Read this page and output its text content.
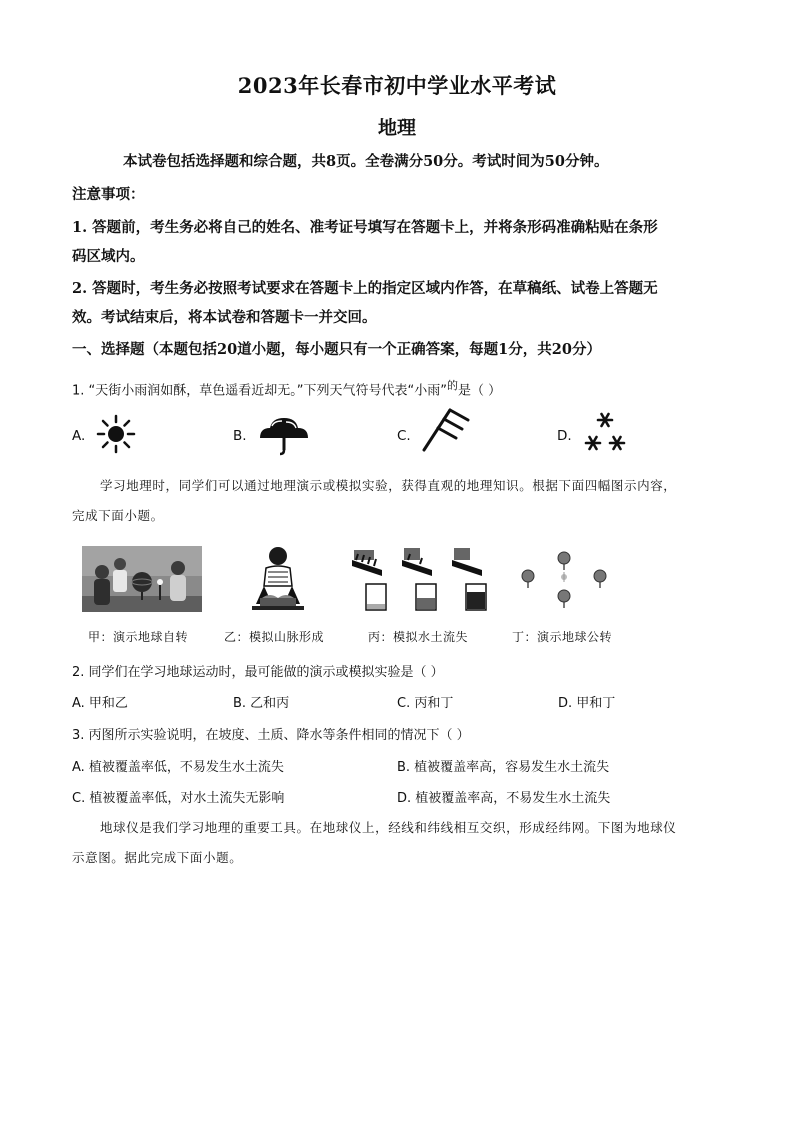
2023年长春市初中学业水平考试
地理
本试卷包括选择题和综合题，共8页。全卷满分50分。考试时间为50分钟。
注意事项：
1. 答题前，考生务必将自己的姓名、准考证号填写在答题卡上，并将条形码准确粘贴在条形
码区域内。
2. 答题时，考生务必按照考试要求在答题卡上的指定区域内作答，在草稿纸、试卷上答题无
效。考试结束后，将本试卷和答题卡一并交回。
一、选择题（本题包括20道小题，每小题只有一个正确答案，每题1分，共20分）
1. “天街小雨润如酥，草色遥看近却无。”下列天气符号代表“小雨”$^的$是（ ）
A.	B.	C.	D.
学习地理时，同学们可以通过地理演示或模拟实验，获得直观的地理知识。根据下面四幅图示内容，
完成下面小题。
甲：演示地球自转	乙：模拟山脉形成	丙：模拟水土流失	丁：演示地球公转
2. 同学们在学习地球运动时，最可能做的演示或模拟实验是（ ）
A. 甲和乙	B. 乙和丙	C. 丙和丁	D. 甲和丁
3. 丙图所示实验说明，在坡度、土质、降水等条件相同的情况下（ ）
A. 植被覆盖率低，不易发生水土流失	B. 植被覆盖率高，容易发生水土流失
C. 植被覆盖率低，对水土流失无影响	D. 植被覆盖率高，不易发生水土流失
地球仪是我们学习地理的重要工具。在地球仪上，经线和纬线相互交织，形成经纬网。下图为地球仪
示意图。据此完成下面小题。
